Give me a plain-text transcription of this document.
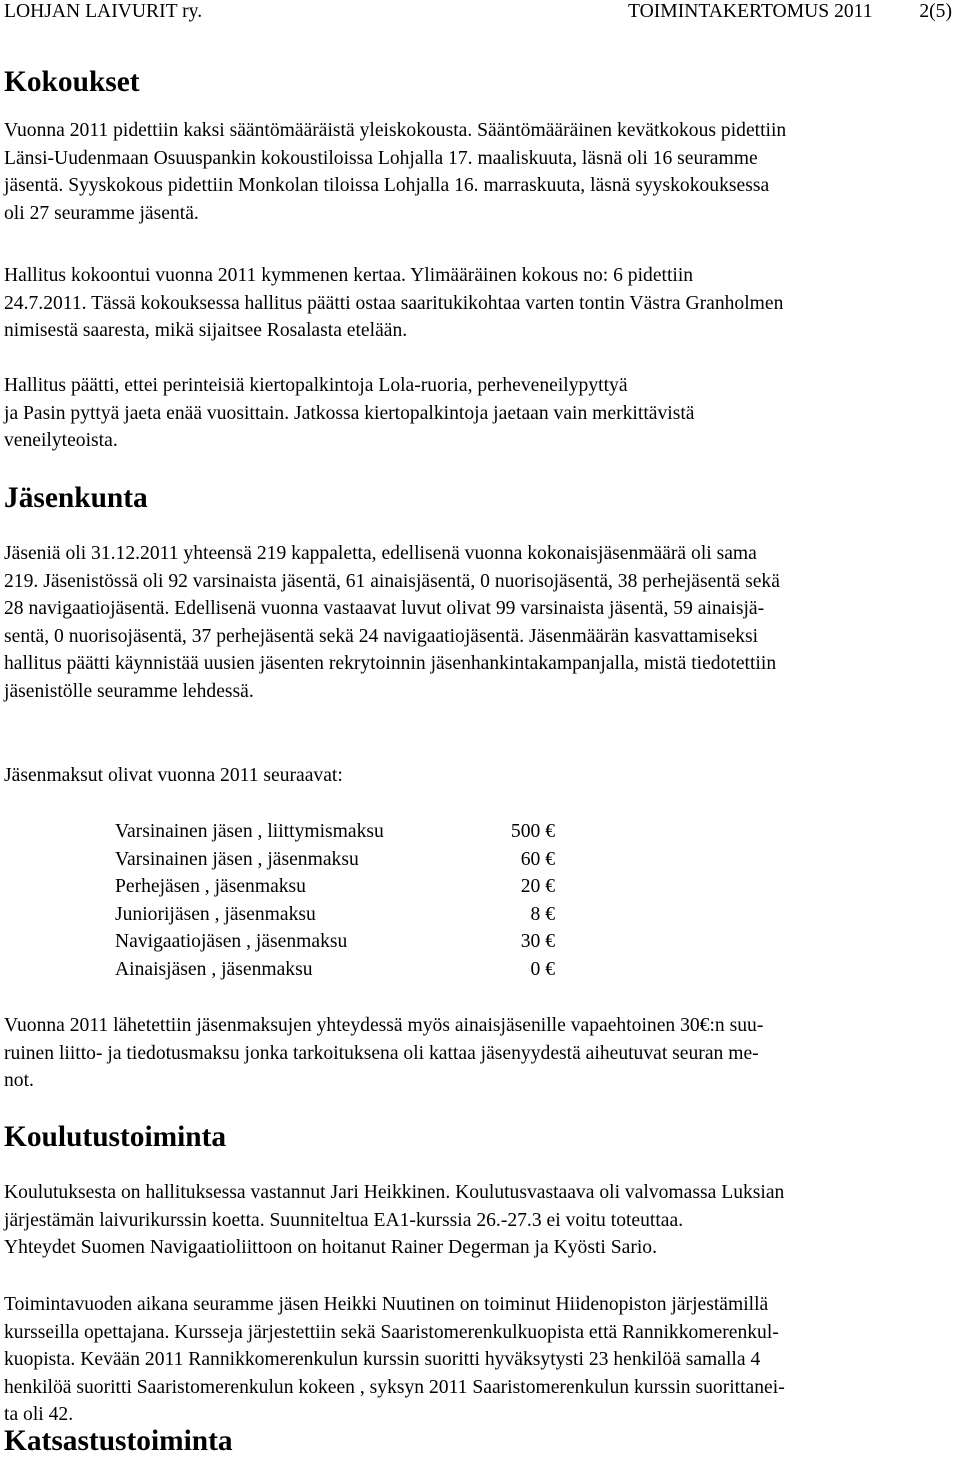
LOHJAN LAIVURIT ry.	TOIMINTAKERTOMUS 2011 2(5)
Kokoukset
Vuonna 2011 pidettiin kaksi sääntömääräistä yleiskokousta. Sääntömääräinen kevätkokous pidettiin
Länsi-Uudenmaan Osuuspankin kokoustiloissa Lohjalla 17. maaliskuuta, läsnä oli 16 seuramme
jäsentä. Syyskokous pidettiin Monkolan tiloissa Lohjalla 16. marraskuuta, läsnä syyskokouksessa
oli 27 seuramme jäsentä.
Hallitus kokoontui vuonna 2011 kymmenen kertaa. Ylimääräinen kokous no: 6 pidettiin
24.7.2011. Tässä kokouksessa hallitus päätti ostaa saaritukikohtaa varten tontin Västra Granholmen
nimisestä saaresta, mikä sijaitsee Rosalasta etelään.
Hallitus päätti, ettei perinteisiä kiertopalkintoja Lola-ruoria, perheveneilypyttyä
ja Pasin pyttyä jaeta enää vuosittain. Jatkossa kiertopalkintoja jaetaan vain merkittävistä
veneilyteoista.
Jäsenkunta
Jäseniä oli 31.12.2011 yhteensä 219 kappaletta, edellisenä vuonna kokonaisjäsenmäärä oli sama
219. Jäsenistössä oli 92 varsinaista jäsentä, 61 ainaisjäsentä, 0 nuorisojäsentä, 38 perhejäsentä sekä
28 navigaatiojäsentä. Edellisenä vuonna vastaavat luvut olivat 99 varsinaista jäsentä, 59 ainaisjä-
sentä, 0 nuorisojäsentä, 37 perhejäsentä sekä 24 navigaatiojäsentä. Jäsenmäärän kasvattamiseksi
hallitus päätti käynnistää uusien jäsenten rekrytoinnin jäsenhankintakampanjalla, mistä tiedotettiin
jäsenistölle seuramme lehdessä.
Jäsenmaksut olivat vuonna 2011 seuraavat:
Varsinainen jäsen , liittymismaksu	500 €
Varsinainen jäsen , jäsenmaksu	60 €
Perhejäsen , jäsenmaksu	20 €
Juniorijäsen , jäsenmaksu	8 €
Navigaatiojäsen , jäsenmaksu	30 €
Ainaisjäsen , jäsenmaksu	0 €
Vuonna 2011 lähetettiin jäsenmaksujen yhteydessä myös ainaisjäsenille vapaehtoinen 30€:n suu-
ruinen liitto- ja tiedotusmaksu jonka tarkoituksena oli kattaa jäsenyydestä aiheutuvat seuran me-
not.
Koulutustoiminta
Koulutuksesta on hallituksessa vastannut Jari Heikkinen. Koulutusvastaava oli valvomassa Luksian
järjestämän laivurikurssin koetta. Suunniteltua EA1-kurssia 26.-27.3 ei voitu toteuttaa.
Yhteydet Suomen Navigaatioliittoon on hoitanut Rainer Degerman ja Kyösti Sario.
Toimintavuoden aikana seuramme jäsen Heikki Nuutinen on toiminut Hiidenopiston järjestämillä
kursseilla opettajana. Kursseja järjestettiin sekä Saaristomerenkulkuopista että Rannikkomerenkul-
kuopista. Kevään 2011 Rannikkomerenkulun kurssin suoritti hyväksytysti 23 henkilöä samalla 4
henkilöä suoritti Saaristomerenkulun kokeen , syksyn 2011 Saaristomerenkulun kurssin suorittanei-
ta oli 42.
Katsastustoiminta
